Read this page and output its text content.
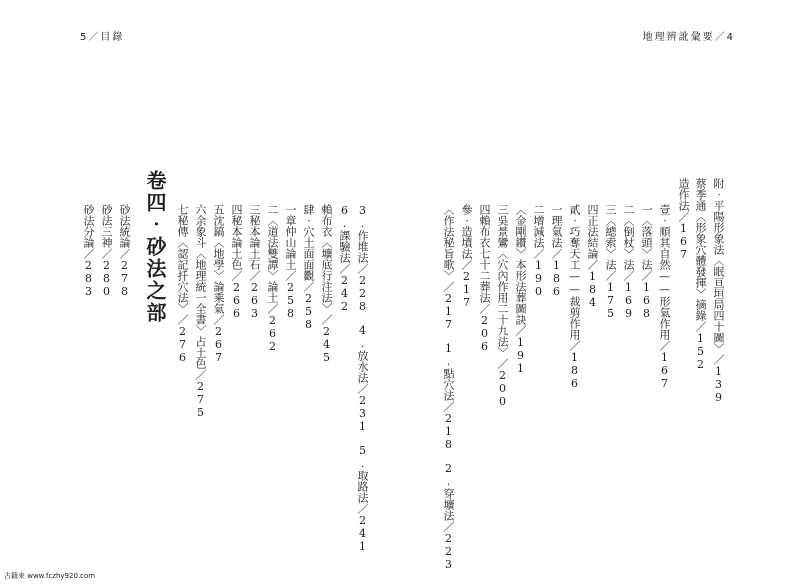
5／目錄	地理辨訛彙要／4
附‧平陽形象法︿眠亘垣局四十圖﹀／139
蔡季通︿形象穴體發揮﹀摘錄／152
造作法／167
壹‧順其自然——形氣作用／167
一︿落頭﹀法／168
二︿倒杖﹀法／169
三︿總索﹀法／175
四正法結論／184
貳‧巧奪天工——裁剪作用／186
一理氣法／186
二增減法／190
︿金剛鑽﹀本形法葬圖訣／191
三吳景鸞︿穴內作用二十九法﹀／200
四賴布衣七十二葬法／206
參‧造墳法／217
︿作法秘旨歌﹀／217　1.點穴法／218　2.穿壙法／223
3.作堆法／228　4.放水法／231　5.取路法／241
6.課驗法／242
賴布衣︿壙底行注法﹀／245
肆‧穴土面面觀／258
一章仲山論土／258
二︿道法雙譚﹀論土／262
三秘本論土石／263
四秘本論土色／266
五沈鎬︿地學﹀論乘氣／267
六余象斗︿地理統一全書﹀占土色／275
七秘傳︿認記扦穴法﹀／276
卷四‧砂法之部
砂法統論／278
砂法三神／280
砂法分論／283
古籍來 www.fczhy920.com
